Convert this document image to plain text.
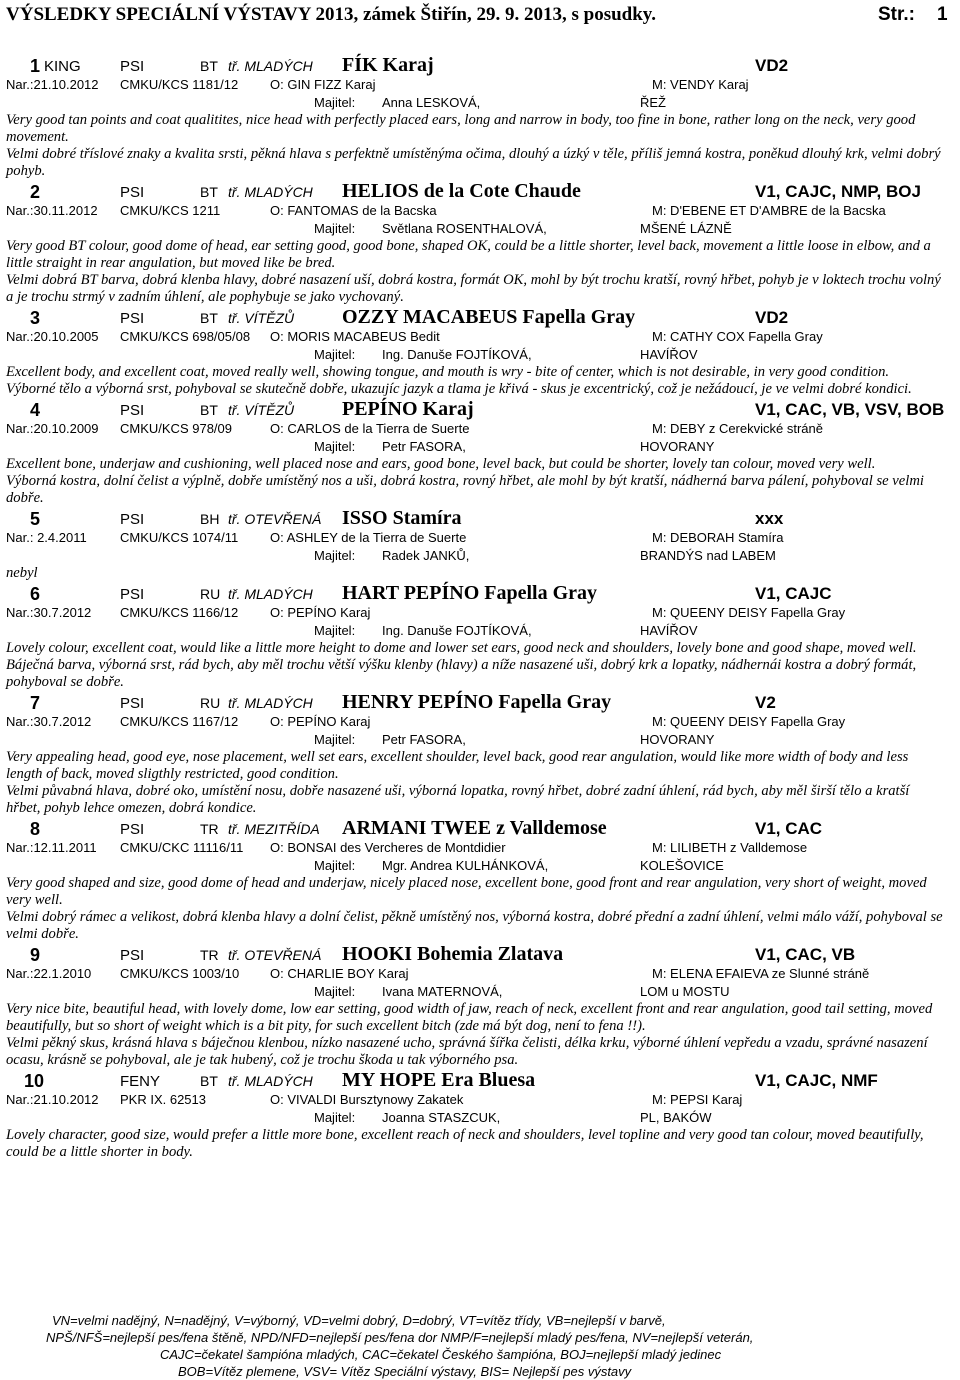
VÝSLEDKY SPECIÁLNÍ VÝSTAVY 2013, zámek Štiřín, 29. 9. 2013, s posudky.	Str.: 1
1 KING	PSI	BT tř. MLADÝCH FÍK Karaj	VD2
Nar.:21.10.2012 CMKU/KCS 1181/12 O: GIN FIZZ Karaj	M: VENDY Karaj
Majitel: Anna LESKOVÁ,	ŘEŽ

Very good tan points and coat qualitites, nice head with perfectly placed ears, long and narrow in body, too fine in bone, rather long on the neck, very good movement.

Velmi dobré tříslové znaky a kvalita srsti, pěkná hlava s perfektně umístěnýma očima, dlouhý a úzký v těle, příliš jemná kostra, poněkud dlouhý krk, velmi dobrý pohyb.

2	PSI	BT tř. MLADÝCH HELIOS de la Cote Chaude	V1, CAJC, NMP, BOJ
Nar.:30.11.2012 CMKU/KCS 1211	O: FANTOMAS de la Bacska	M: D'EBENE ET D'AMBRE de la Bacska
Majitel: Světlana ROSENTHALOVÁ,	MŠENÉ LÁZNĚ

Very good BT colour, good dome of head, ear setting good, good bone, shaped OK, could be a little shorter, level back, movement a little loose in elbow, and a little straight in rear angulation, but moved like be bred.

Velmi dobrá BT barva, dobrá klenba hlavy, dobré nasazení uší, dobrá kostra, formát OK, mohl by být trochu kratší, rovný hřbet, pohyb je v loktech trochu volný a je trochu strmý v zadním úhlení, ale pophybuje se jako vychovaný.

3	PSI	BT tř. VÍTĚZŮ OZZY MACABEUS Fapella Gray	VD2
Nar.:20.10.2005 CMKU/KCS 698/05/08 O: MORIS MACABEUS Bedit	M: CATHY COX Fapella Gray
Majitel: Ing. Danuše FOJTÍKOVÁ,	HAVÍŘOV

Excellent body, and excellent coat, moved really well, showing tongue, and mouth is wry - bite of center, which is not desirable, in very good condition.

Výborné tělo a výborná srst, pohyboval se skutečně dobře, ukazujíc jazyk a tlama je křivá - skus je excentrický, což je nežádoucí, je ve velmi dobré kondici.

4	PSI	BT tř. VÍTĚZŮ PEPÍNO Karaj	V1, CAC, VB, VSV, BOB
Nar.:20.10.2009 CMKU/KCS 978/09	O: CARLOS de la Tierra de Suerte	M: DEBY z Cerekvické stráně
Majitel: Petr FASORA,	HOVORANY

Excellent bone, underjaw and cushioning, well placed nose and ears, good bone, level back, but could be shorter, lovely tan colour, moved very well.

Výborná kostra, dolní čelist a výplně, dobře umístěný nos a uši, dobrá kostra, rovný hřbet, ale mohl by být kratší, nádherná barva pálení, pohyboval se velmi dobře.

5	PSI	BH tř. OTEVŘENÁ ISSO Stamíra	xxx
Nar.: 2.4.2011	CMKU/KCS 1074/11 O: ASHLEY de la Tierra de Suerte	M: DEBORAH Stamíra
Majitel: Radek JANKŮ,	BRANDÝS nad LABEM

nebyl

6	PSI	RU tř. MLADÝCH HART PEPÍNO Fapella Gray	V1, CAJC
Nar.:30.7.2012 CMKU/KCS 1166/12 O: PEPÍNO Karaj	M: QUEENY DEISY Fapella Gray
Majitel: Ing. Danuše FOJTÍKOVÁ,	HAVÍŘOV

Lovely colour, excellent coat, would like a little more height to dome and lower set ears, good neck and shoulders, lovely bone and good shape, moved well.

Báječná barva, výborná srst, rád bych, aby měl trochu větší výšku klenby (hlavy) a níže nasazené uši, dobrý krk a lopatky, nádhernái kostra a dobrý formát, pohyboval se dobře.

7	PSI	RU tř. MLADÝCH HENRY PEPÍNO Fapella Gray	V2
Nar.:30.7.2012 CMKU/KCS 1167/12 O: PEPÍNO Karaj	M: QUEENY DEISY Fapella Gray
Majitel: Petr FASORA,	HOVORANY

Very appealing head, good eye, nose placement, well set ears, excellent shoulder, level back, good rear angulation, would like more width of body and less length of back, moved sligthly restricted, good condition.

Velmi půvabná hlava, dobré oko, umístění nosu, dobře nasazené uši, výborná lopatka, rovný hřbet, dobré zadní úhlení, rád bych, aby měl širší tělo a kratší hřbet, pohyb lehce omezen, dobrá kondice.

8	PSI	TR tř. MEZITŘÍDA ARMANI TWEE z Valldemose	V1, CAC
Nar.:12.11.2011 CMKU/CKC 11116/11 O: BONSAI des Vercheres de Montdidier	M: LILIBETH z Valldemose
Majitel: Mgr. Andrea KULHÁNKOVÁ,	KOLEŠOVICE

Very good shaped and size, good dome of head and underjaw, nicely placed nose, excellent bone, good front and rear angulation, very short of weight, moved very well.

Velmi dobrý rámec a velikost, dobrá klenba hlavy a dolní čelist, pěkně umístěný nos, výborná kostra, dobré přední a zadní úhlení, velmi málo váží, pohyboval se velmi dobře.

9	PSI	TR tř. OTEVŘENÁ HOOKI Bohemia Zlatava	V1, CAC, VB
Nar.:22.1.2010 CMKU/KCS 1003/10 O: CHARLIE BOY Karaj	M: ELENA EFAIEVA ze Slunné stráně
Majitel: Ivana MATERNOVÁ,	LOM u MOSTU

Very nice bite, beautiful head, with lovely dome, low ear setting, good width of jaw, reach of neck, excellent front and rear angulation, good tail setting, moved beautifully, but so short of weight which is a bit pity, for such excellent bitch (zde má být dog, není to fena !!).

Velmi pěkný skus, krásná hlava s báječnou klenbou, nízko nasazené ucho, správná šířka čelisti, délka krku, výborné úhlení vepředu a vzadu, správné nasazení ocasu, krásně se pohyboval, ale je tak hubený, což je trochu škoda u tak výborného psa.

10	FENY	BT tř. MLADÝCH MY HOPE Era Bluesa	V1, CAJC, NMF
Nar.:21.10.2012 PKR IX. 62513	O: VIVALDI Bursztynowy Zakatek	M: PEPSI Karaj
Majitel: Joanna STASZCUK,	PL, BAKÓW

Lovely character, good size, would prefer a little more bone, excellent reach of neck and shoulders, level topline and very good tan colour, moved beautifully, could be a little shorter in body.

VN=velmi nadějný, N=nadějný, V=výborný, VD=velmi dobrý, D=dobrý, VT=vítěz třídy, VB=nejlepší v barvě,
NPŠ/NFŠ=nejlepší pes/fena štěně, NPD/NFD=nejlepší pes/fena dor NMP/F=nejlepší mladý pes/fena, NV=nejlepší veterán,
CAJC=čekatel šampióna mladých, CAC=čekatel Českého šampióna, BOJ=nejlepší mladý jedinec
BOB=Vítěz plemene, VSV= Vítěz Speciální výstavy, BIS= Nejlepší pes výstavy
